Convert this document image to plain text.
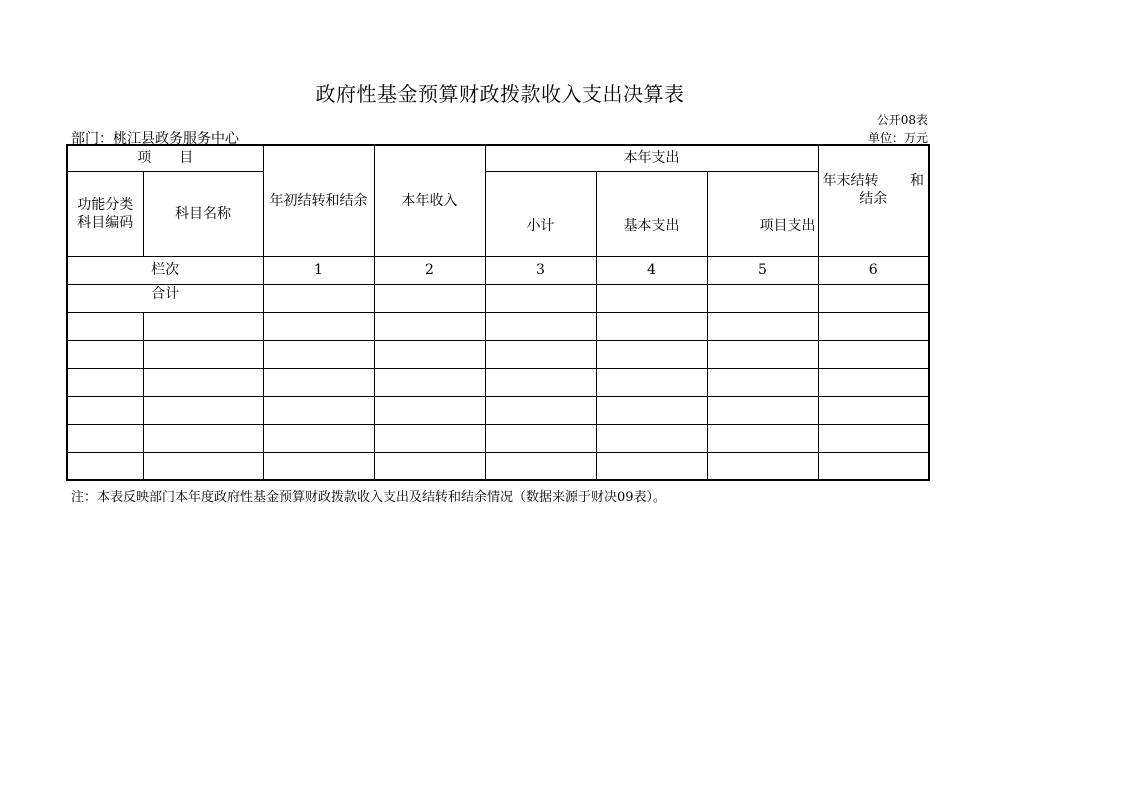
政府性基金预算财政拨款收入支出决算表
公开08表
部门：桃江县政务服务中心	单位：万元
项　　目		年初结转和结余	本年收入	本年支出			年末结转 和
结余

功能分类
科目编码	科目名称			小计	基本支出	项目支出	
栏次		1	2	3	4	5	6
合计							

注：本表反映部门本年度政府性基金预算财政拨款收入支出及结转和结余情况（数据来源于财决09表）。
